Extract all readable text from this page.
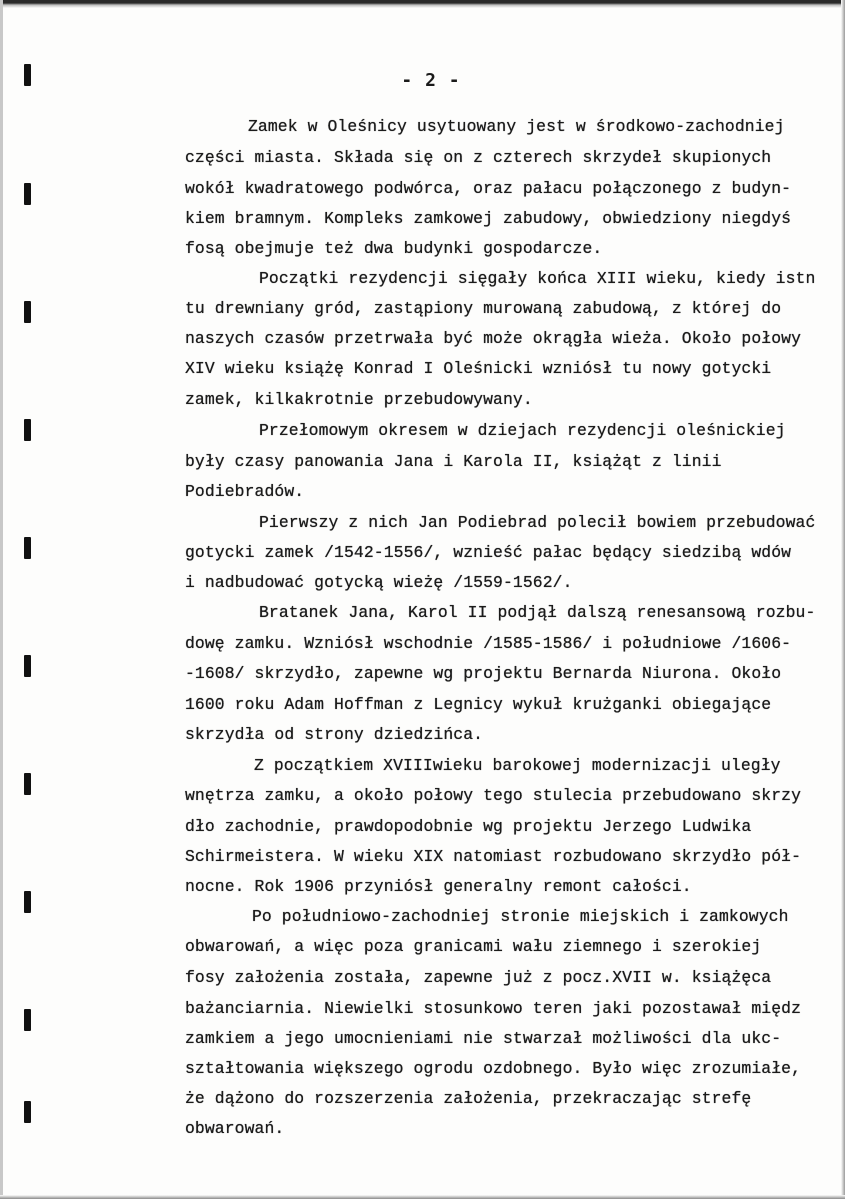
- 2 -
Zamek w Oleśnicy usytuowany jest w środkowo-zachodniej
części miasta. Składa się on z czterech skrzydeł skupionych
wokół kwadratowego podwórca, oraz pałacu połączonego z budyn-
kiem bramnym. Kompleks zamkowej zabudowy, obwiedziony niegdyś
fosą obejmuje też dwa budynki gospodarcze.
Początki rezydencji sięgały końca XIII wieku, kiedy istn
tu drewniany gród, zastąpiony murowaną zabudową, z której do
naszych czasów przetrwała być może okrągła wieża. Około połowy
XIV wieku książę Konrad I Oleśnicki wzniósł tu nowy gotycki
zamek, kilkakrotnie przebudowywany.
Przełomowym okresem w dziejach rezydencji oleśnickiej
były czasy panowania Jana i Karola II, książąt z linii
Podiebradów.
Pierwszy z nich Jan Podiebrad polecił bowiem przebudować
gotycki zamek /1542-1556/, wznieść pałac będący siedzibą wdów
i nadbudować gotycką wieżę /1559-1562/.
Bratanek Jana, Karol II podjął dalszą renesansową rozbu-
dowę zamku. Wzniósł wschodnie /1585-1586/ i południowe /1606-
-1608/ skrzydło, zapewne wg projektu Bernarda Niurona. Około
1600 roku Adam Hoffman z Legnicy wykuł krużganki obiegające
skrzydła od strony dziedzińca.
Z początkiem XVIIIwieku barokowej modernizacji uległy
wnętrza zamku, a około połowy tego stulecia przebudowano skrzy
dło zachodnie, prawdopodobnie wg projektu Jerzego Ludwika
Schirmeistera. W wieku XIX natomiast rozbudowano skrzydło pół-
nocne. Rok 1906 przyniósł generalny remont całości.
Po południowo-zachodniej stronie miejskich i zamkowych
obwarowań, a więc poza granicami wału ziemnego i szerokiej
fosy założenia została, zapewne już z pocz.XVII w. książęca
bażanciarnia. Niewielki stosunkowo teren jaki pozostawał międz
zamkiem a jego umocnieniami nie stwarzał możliwości dla ukс-
ształtowania większego ogrodu ozdobnego. Było więc zrozumiałe,
że dążono do rozszerzenia założenia, przekraczając strefę
obwarowań.
